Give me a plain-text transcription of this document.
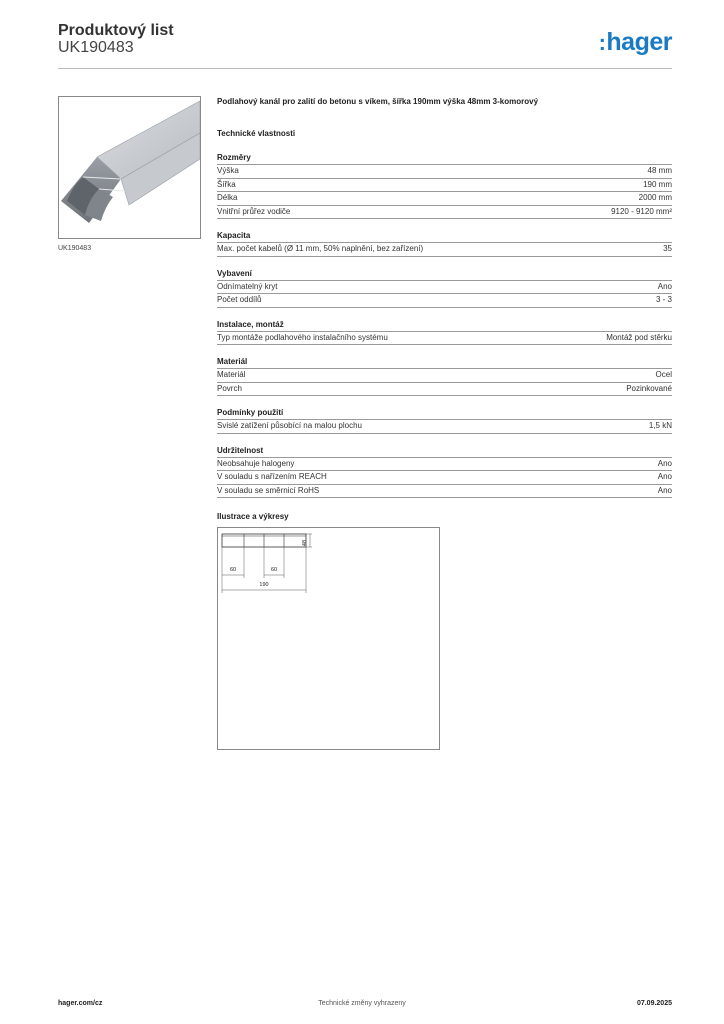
Produktový list
UK190483	:hager
UK190483
Podlahový kanál pro zalití do betonu s víkem, šířka 190mm výška 48mm 3-komorový
Technické vlastnosti
Rozměry
Výška	48 mm
Šířka	190 mm
Délka	2000 mm
Vnitřní průřez vodiče	9120 - 9120 mm²
Kapacita
Max. počet kabelů (Ø 11 mm, 50% naplnění, bez zařízení)	35
Vybavení
Odnímatelný kryt	Ano
Počet oddílů	3 - 3
Instalace, montáž
Typ montáže podlahového instalačního systému	Montáž pod stěrku
Materiál
Materiál	Ocel
Povrch	Pozinkované
Podmínky použití
Svislé zatížení působící na malou plochu	1,5 kN
Udržitelnost
Neobsahuje halogeny	Ano
V souladu s nařízením REACH	Ano
V souladu se směrnicí RoHS	Ano
Ilustrace a výkresy
48
60	60
190
hager.com/cz	Technické změny vyhrazeny	07.09.2025
